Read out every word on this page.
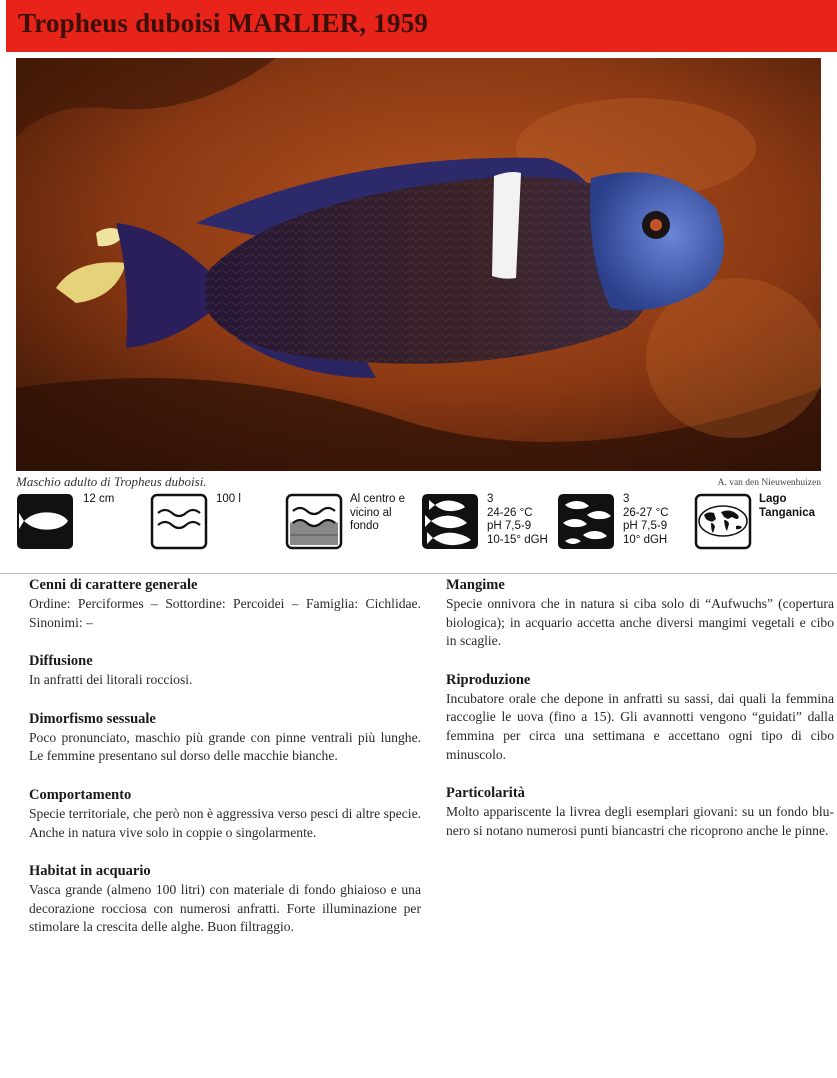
Tropheus duboisi MARLIER, 1959
Maschio adulto di Tropheus duboisi.	A. van den Nieuwenhuizen
12 cm	100 l	Al centro e
vicino al
fondo
3
24-26 °C
pH 7,5-9
10-15° dGH
3
26-27 °C
pH 7,5-9
10° dGH
Lago
Tanganica
Cenni di carattere generale

Ordine: Perciformes – Sottordine: Percoidei – Famiglia: Cichlidae. Sinonimi: –

Diffusione

In anfratti dei litorali rocciosi.

Dimorfismo sessuale

Poco pronunciato, maschio più grande con pinne ventrali più lunghe. Le femmine presentano sul dorso delle macchie bianche.

Comportamento

Specie territoriale, che però non è aggressiva verso pesci di altre specie. Anche in natura vive solo in coppie o singolarmente.

Habitat in acquario

Vasca grande (almeno 100 litri) con materiale di fondo ghiaioso e una decorazione rocciosa con numerosi anfratti. Forte illuminazione per stimolare la crescita delle alghe. Buon filtraggio.

Mangime

Specie onnivora che in natura si ciba solo di “Aufwuchs” (copertura biologica); in acquario accetta anche diversi mangimi vegetali e cibo in scaglie.

Riproduzione

Incubatore orale che depone in anfratti su sassi, dai quali la femmina raccoglie le uova (fino a 15). Gli avannotti vengono “guidati” dalla femmina per circa una settimana e accettano ogni tipo di cibo minuscolo.

Particolarità

Molto appariscente la livrea degli esemplari giovani: su un fondo blu-nero si notano numerosi punti biancastri che ricoprono anche le pinne.
